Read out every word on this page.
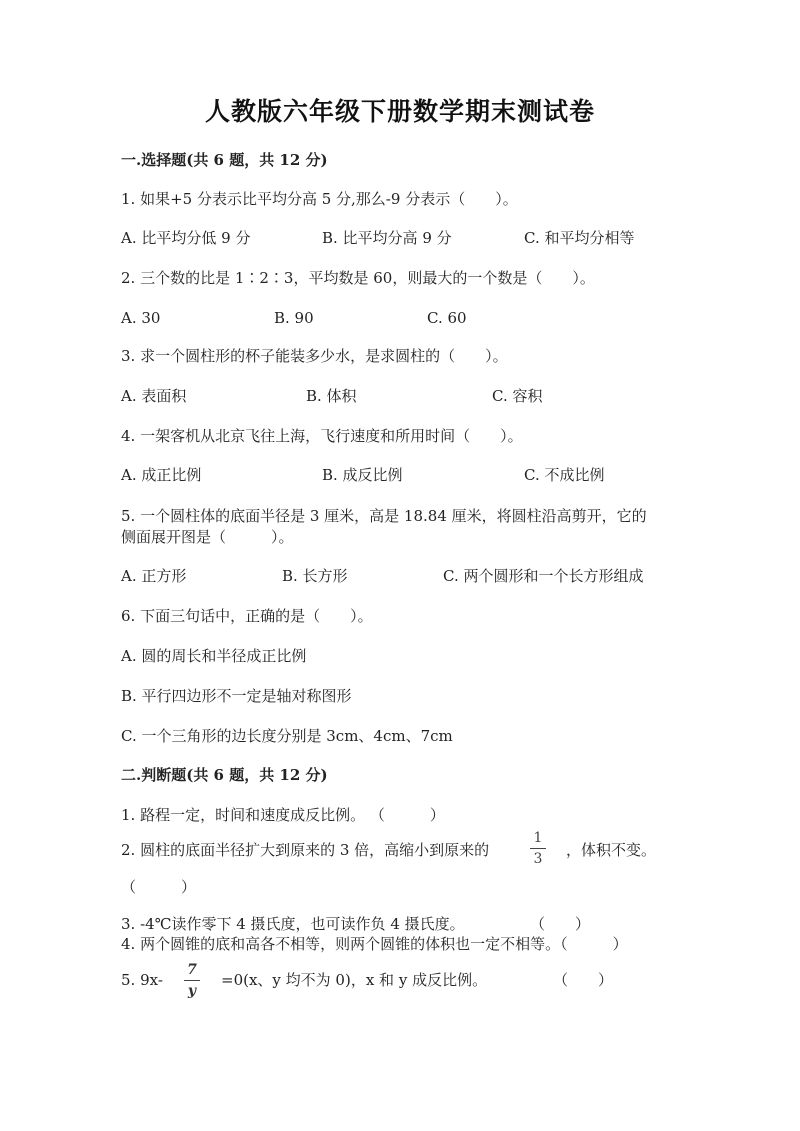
人教版六年级下册数学期末测试卷
一.选择题(共 6 题，共 12 分)
1. 如果+5 分表示比平均分高 5 分,那么-9 分表示（　　）。
A. 比平均分低 9 分	B. 比平均分高 9 分	C. 和平均分相等
2. 三个数的比是 1∶2∶3，平均数是 60，则最大的一个数是（　　）。
A. 30	B. 90	C. 60
3. 求一个圆柱形的杯子能装多少水，是求圆柱的（　　）。
A. 表面积	B. 体积	C. 容积
4. 一架客机从北京飞往上海，飞行速度和所用时间（　　）。
A. 成正比例	B. 成反比例	C. 不成比例
5. 一个圆柱体的底面半径是 3 厘米，高是 18.84 厘米，将圆柱沿高剪开，它的
侧面展开图是（　　　）。
A. 正方形	B. 长方形	C. 两个圆形和一个长方形组成
6. 下面三句话中，正确的是（　　）。
A. 圆的周长和半径成正比例
B. 平行四边形不一定是轴对称图形
C. 一个三角形的边长度分别是 3cm、4cm、7cm
二.判断题(共 6 题，共 12 分)
1. 路程一定，时间和速度成反比例。 （　　　）
2. 圆柱的底面半径扩大到原来的 3 倍，高缩小到原来的
1
3	，体积不变。
（　　　）
3. -4℃读作零下 4 摄氏度，也可读作负 4 摄氏度。	（　　）
4. 两个圆锥的底和高各不相等，则两个圆锥的体积也一定不相等。（　　　）
5. 9x-
7
y
=0(x、y 均不为 0)，x 和 y 成反比例。	（　　）
